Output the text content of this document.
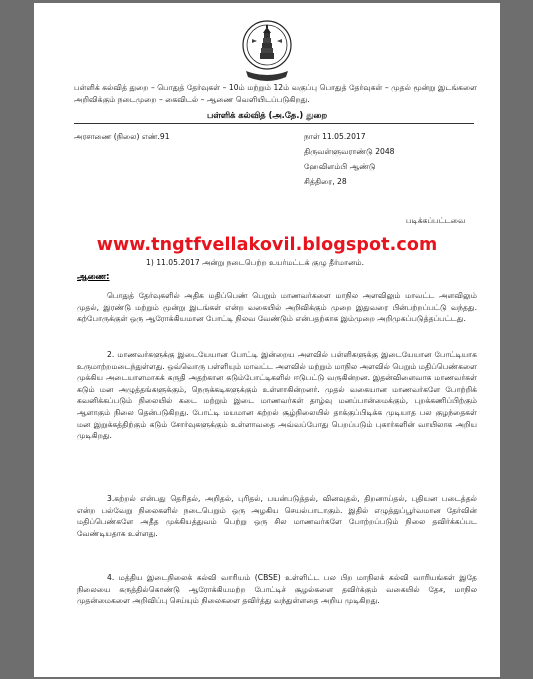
பள்ளிக் கல்வித் துறை – பொதுத் தேர்வுகள் – 10ம் மற்றும் 12ம் வகுப்பு பொதுத் தேர்வுகள் – முதல் மூன்று இடங்களை அறிவிக்கும் நடைமுறை – கைவிடல் – ஆணை வெளியிடப்படுகிறது.

பள்ளிக் கல்வித் (அ.தே.) துறை
அரசாணை (நிலை) எண்.91	நாள் 11.05.2017
திருவள்ளுவராண்டு 2048
ஹேவிளம்பி ஆண்டு
சித்திரை, 28
படிக்கப்பட்டவை
www.tngtfvellakovil.blogspot.com
1) 11.05.2017 அன்று நடைபெற்ற உயர்மட்டக் குழு தீர்மானம்.
ஆணை:

பொதுத் தேர்வுகளில் அதிக மதிப்பெண் பெறும் மாணவர்களை மாநில அளவிலும் மாவட்ட அளவிலும் முதல், இரண்டு மற்றும் மூன்று இடங்கள் என்ற வகையில் அறிவிக்கும் முறை இதுவரை பின்பற்றப்பட்டு வந்தது. கற்போருக்குள் ஒரு ஆரோக்கியமான போட்டி நிலவ வேண்டும் என்பதற்காக இம்முறை அறிமுகப்படுத்தப்பட்டது.

2. மாணவர்களுக்கு இடையேயான போட்டி இன்றைய அளவில் பள்ளிகளுக்கு இடையேயான போட்டியாக உருமாற்றமடைந்துள்ளது. ஒவ்வொரு பள்ளியும் மாவட்ட அளவில் மற்றும் மாநில அளவில் பெறும் மதிப்பெண்களை முக்கிய அடையாளமாகக் கருதி அதற்கான கடும்போட்டிகளில் ஈடுபட்டு வருகின்றன. இதன்விளைவாக மாணவர்கள் கடும் மன அழுத்தங்களுக்கும், நெருக்கடிகளுக்கும் உள்ளாகின்றனர். முதல் வகையான மாணவர்களே போற்றிக் கவனிக்கப்படும் நிலையில் கடை மற்றும் இடை மாணவர்கள் தாழ்வு மனப்பான்மைக்கும், புறக்கணிப்பிற்கும் ஆளாகும் நிலை தென்படுகிறது. போட்டி மயமான கற்றல் சூழ்நிலையில் தாக்குப்பிடிக்க முடியாத பல குழந்தைகள் மன இறுக்கத்திற்கும் கடும் சோர்வுகளுக்கும் உள்ளாவதை அவ்வப்போது பெறப்படும் புகார்களின் வாயிலாக அறிய முடிகிறது.

3.கற்றல் என்பது தெரிதல், அறிதல், புரிதல், பயன்படுத்தல், வினவுதல், திறனாய்தல், புதியன படைத்தல் என்ற பல்வேறு நிலைகளில் நடைபெறும் ஒரு அழகிய செயல்பாடாகும். இதில் எழுத்துப்பூர்வமான தேர்வின் மதிப்பெண்களே அதீத முக்கியத்துவம் பெற்று ஒரு சில மாணவர்களே போற்றப்படும் நிலை தவிர்க்கப்பட வேண்டியதாக உள்ளது.

4. மத்திய இடைநிலைக் கல்வி வாரியம் (CBSE) உள்ளிட்ட பல பிற மாநிலக் கல்வி வாரியங்கள் இதே நிலையை கருத்தில்கொண்டு ஆரோக்கியமற்ற போட்டிச் சூழல்களை தவிர்க்கும் வகையில் தேச, மாநில முதன்மைகளை அறிவிப்பு செய்யும் நிலைகளை தவிர்த்து வந்துள்ளதை அறிய முடிகிறது.
